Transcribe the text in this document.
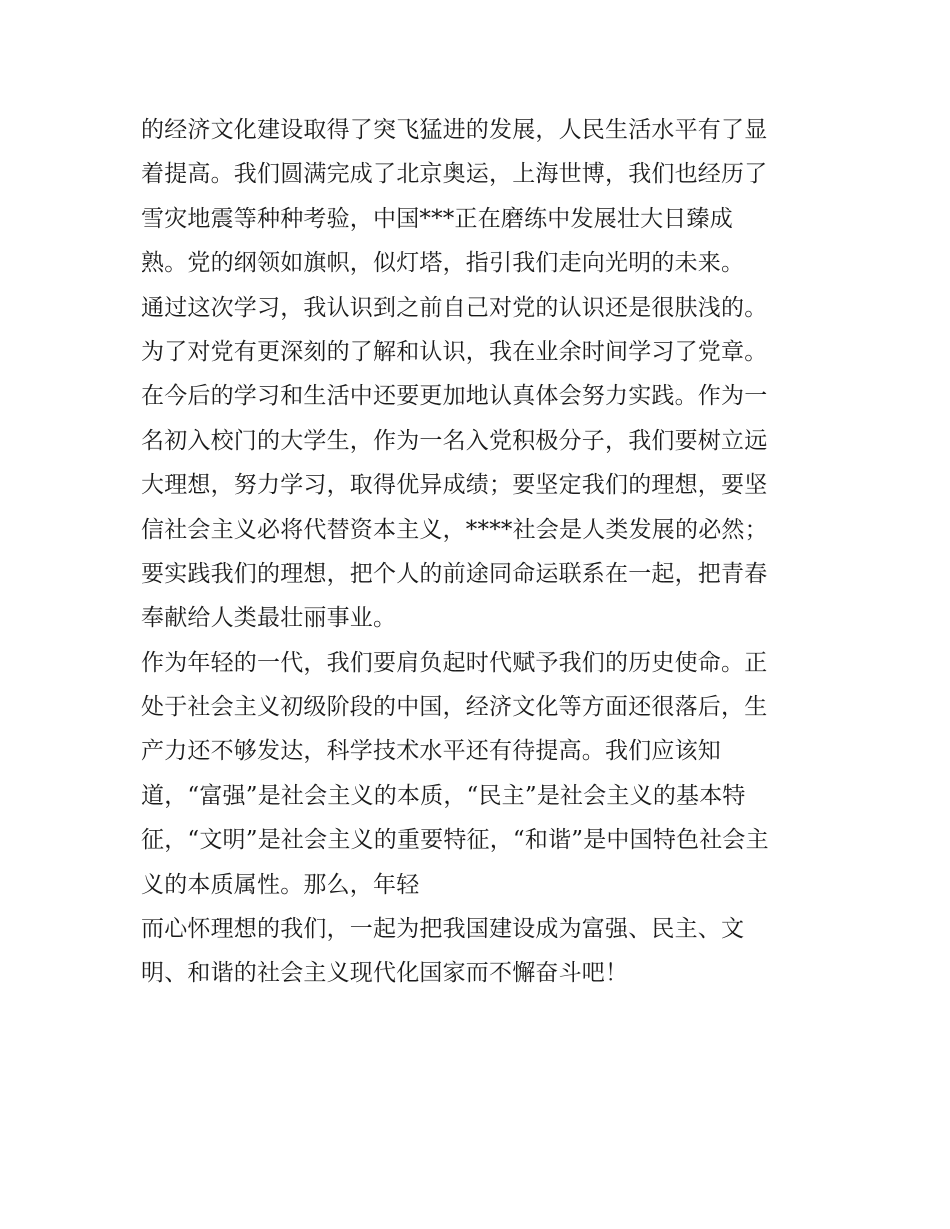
的经济文化建设取得了突飞猛进的发展，人民生活水平有了显
着提高。我们圆满完成了北京奥运，上海世博，我们也经历了
雪灾地震等种种考验，中国***正在磨练中发展壮大日臻成
熟。党的纲领如旗帜，似灯塔，指引我们走向光明的未来。
通过这次学习，我认识到之前自己对党的认识还是很肤浅的。
为了对党有更深刻的了解和认识，我在业余时间学习了党章。
在今后的学习和生活中还要更加地认真体会努力实践。作为一
名初入校门的大学生，作为一名入党积极分子，我们要树立远
大理想，努力学习，取得优异成绩；要坚定我们的理想，要坚
信社会主义必将代替资本主义，****社会是人类发展的必然；
要实践我们的理想，把个人的前途同命运联系在一起，把青春
奉献给人类最壮丽事业。
作为年轻的一代，我们要肩负起时代赋予我们的历史使命。正
处于社会主义初级阶段的中国，经济文化等方面还很落后，生
产力还不够发达，科学技术水平还有待提高。我们应该知
道，“富强”是社会主义的本质，“民主”是社会主义的基本特
征，“文明”是社会主义的重要特征，“和谐”是中国特色社会主
义的本质属性。那么，年轻
而心怀理想的我们，一起为把我国建设成为富强、民主、文
明、和谐的社会主义现代化国家而不懈奋斗吧！
